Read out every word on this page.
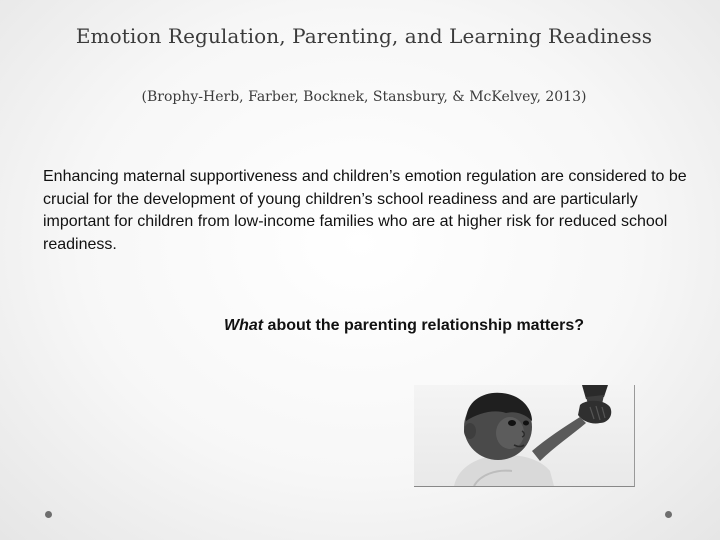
Emotion Regulation, Parenting, and Learning Readiness
(Brophy-Herb, Farber, Bocknek, Stansbury, & McKelvey, 2013)
Enhancing maternal supportiveness and children’s emotion regulation are considered to be crucial for the development of young children’s school readiness and are particularly important for children from low-income families who are at higher risk for reduced school readiness.
What about the parenting relationship matters?
